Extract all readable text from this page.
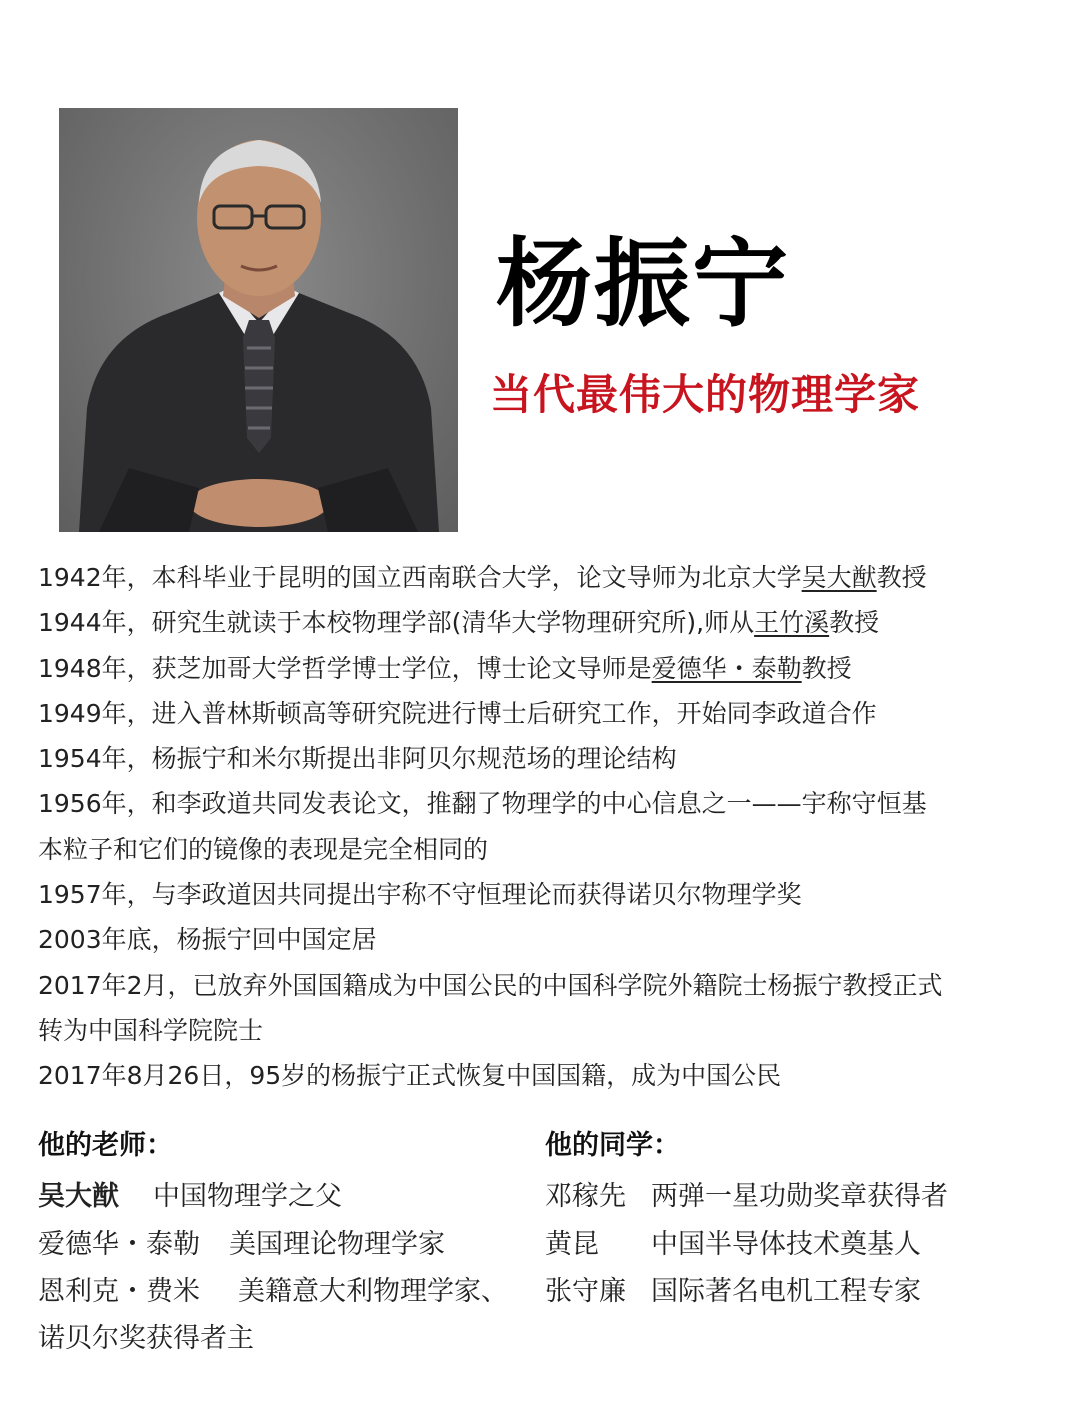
杨振宁
当代最伟大的物理学家
1942年，本科毕业于昆明的国立西南联合大学，论文导师为北京大学吴大猷教授
1944年，研究生就读于本校物理学部(清华大学物理研究所),师从王竹溪教授
1948年，获芝加哥大学哲学博士学位，博士论文导师是爱德华・泰勒教授
1949年，进入普林斯顿高等研究院进行博士后研究工作，开始同李政道合作
1954年，杨振宁和米尔斯提出非阿贝尔规范场的理论结构
1956年，和李政道共同发表论文，推翻了物理学的中心信息之一——宇称守恒基
本粒子和它们的镜像的表现是完全相同的
1957年，与李政道因共同提出宇称不守恒理论而获得诺贝尔物理学奖
2003年底，杨振宁回中国定居
2017年2月，已放弃外国国籍成为中国公民的中国科学院外籍院士杨振宁教授正式
转为中国科学院院士
2017年8月26日，95岁的杨振宁正式恢复中国国籍，成为中国公民
他的老师：	他的同学：
吴大猷 中国物理学之父
爱德华・泰勒 美国理论物理学家
恩利克・费米 美籍意大利物理学家、
诺贝尔奖获得者主
邓稼先 两弹一星功勋奖章获得者
黄昆 中国半导体技术奠基人
张守廉 国际著名电机工程专家
